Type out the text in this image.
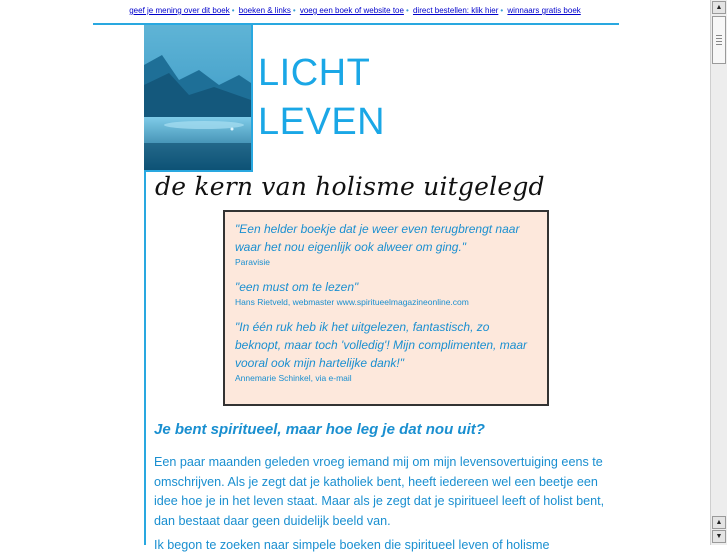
geef je mening over dit boek • boeken & links • voeg een boek of website toe • direct bestellen: klik hier • winnaars gratis boek
LICHT
LEVEN
de kern van holisme uitgelegd
"Een helder boekje dat je weer even terugbrengt naar waar het nou eigenlijk ook alweer om ging."
Paravisie
"een must om te lezen"
Hans Rietveld, webmaster www.spiritueelmagazineonline.com
"In één ruk heb ik het uitgelezen, fantastisch, zo beknopt, maar toch 'volledig'! Mijn complimenten, maar vooral ook mijn hartelijke dank!"
Annemarie Schinkel, via e-mail
Je bent spiritueel, maar hoe leg je dat nou uit?
Een paar maanden geleden vroeg iemand mij om mijn levensovertuiging eens te omschrijven. Als je zegt dat je katholiek bent, heeft iedereen wel een beetje een idee hoe je in het leven staat. Maar als je zegt dat je spiritueel leeft of holist bent, dan bestaat daar geen duidelijk beeld van.
Ik begon te zoeken naar simpele boeken die spiritueel leven of holisme
▲
▲
▼
